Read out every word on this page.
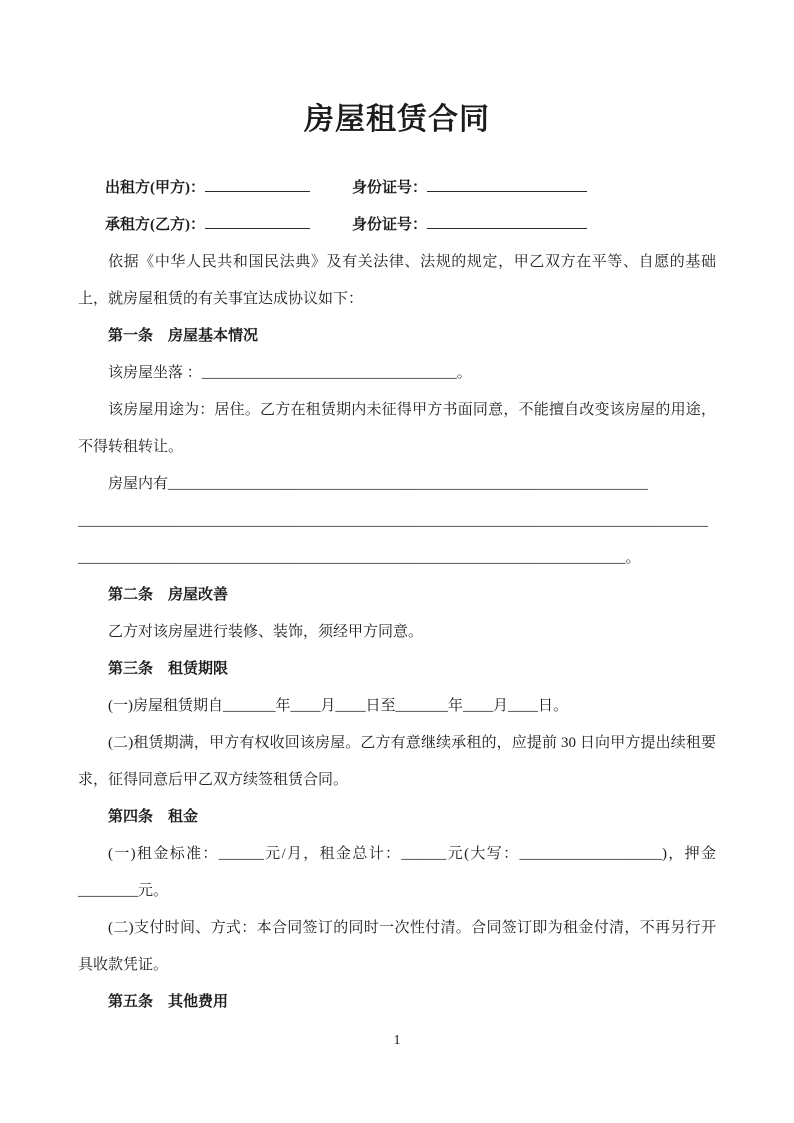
房屋租赁合同
出租方(甲方)：	身份证号：
承租方(乙方)：	身份证号：

依据《中华人民共和国民法典》及有关法律、法规的规定，甲乙双方在平等、自愿的基础上，就房屋租赁的有关事宜达成协议如下：

第一条　房屋基本情况

该房屋坐落 ：__________________________________。

该房屋用途为：居住。乙方在租赁期内未征得甲方书面同意，不能擅自改变该房屋的用途，不得转租转让。

房屋内有________________________________________________________________
____________________________________________________________________________________
_________________________________________________________________________。

第二条　房屋改善

乙方对该房屋进行装修、装饰，须经甲方同意。

第三条　租赁期限

(一)房屋租赁期自_______年____月____日至_______年____月____日。

(二)租赁期满，甲方有权收回该房屋。乙方有意继续承租的，应提前 30 日向甲方提出续租要求，征得同意后甲乙双方续签租赁合同。

第四条　租金

(一)租金标准：______元/月，租金总计：______元(大写：___________________)，押金________元。

(二)支付时间、方式：本合同签订的同时一次性付清。合同签订即为租金付清，不再另行开具收款凭证。

第五条　其他费用

1
